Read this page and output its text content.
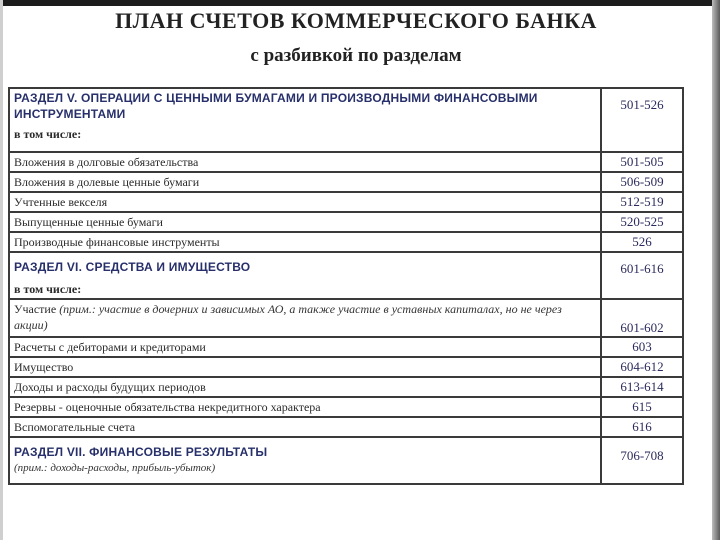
ПЛАН СЧЕТОВ КОММЕРЧЕСКОГО БАНКА
с разбивкой по разделам
РАЗДЕЛ V. ОПЕРАЦИИ С ЦЕННЫМИ БУМАГАМИ И ПРОИЗВОДНЫМИ ФИНАНСОВЫМИ ИНСТРУМЕНТАМИ
в том числе:	501-526
Вложения в долговые обязательства	501-505
Вложения в долевые ценные бумаги	506-509
Учтенные векселя	512-519
Выпущенные ценные бумаги	520-525
Производные финансовые инструменты	526

РАЗДЕЛ VI. СРЕДСТВА И ИМУЩЕСТВО
в том числе:	601-616
Участие (прим.: участие в дочерних и зависимых АО, а также участие в уставных капиталах, но не через акции)	601-602
Расчеты с дебиторами и кредиторами	603
Имущество	604-612
Доходы и расходы будущих периодов	613-614
Резервы - оценочные обязательства некредитного характера	615
Вспомогательные счета	616

РАЗДЕЛ VII. ФИНАНСОВЫЕ РЕЗУЛЬТАТЫ
(прим.: доходы-расходы, прибыль-убыток)	706-708
